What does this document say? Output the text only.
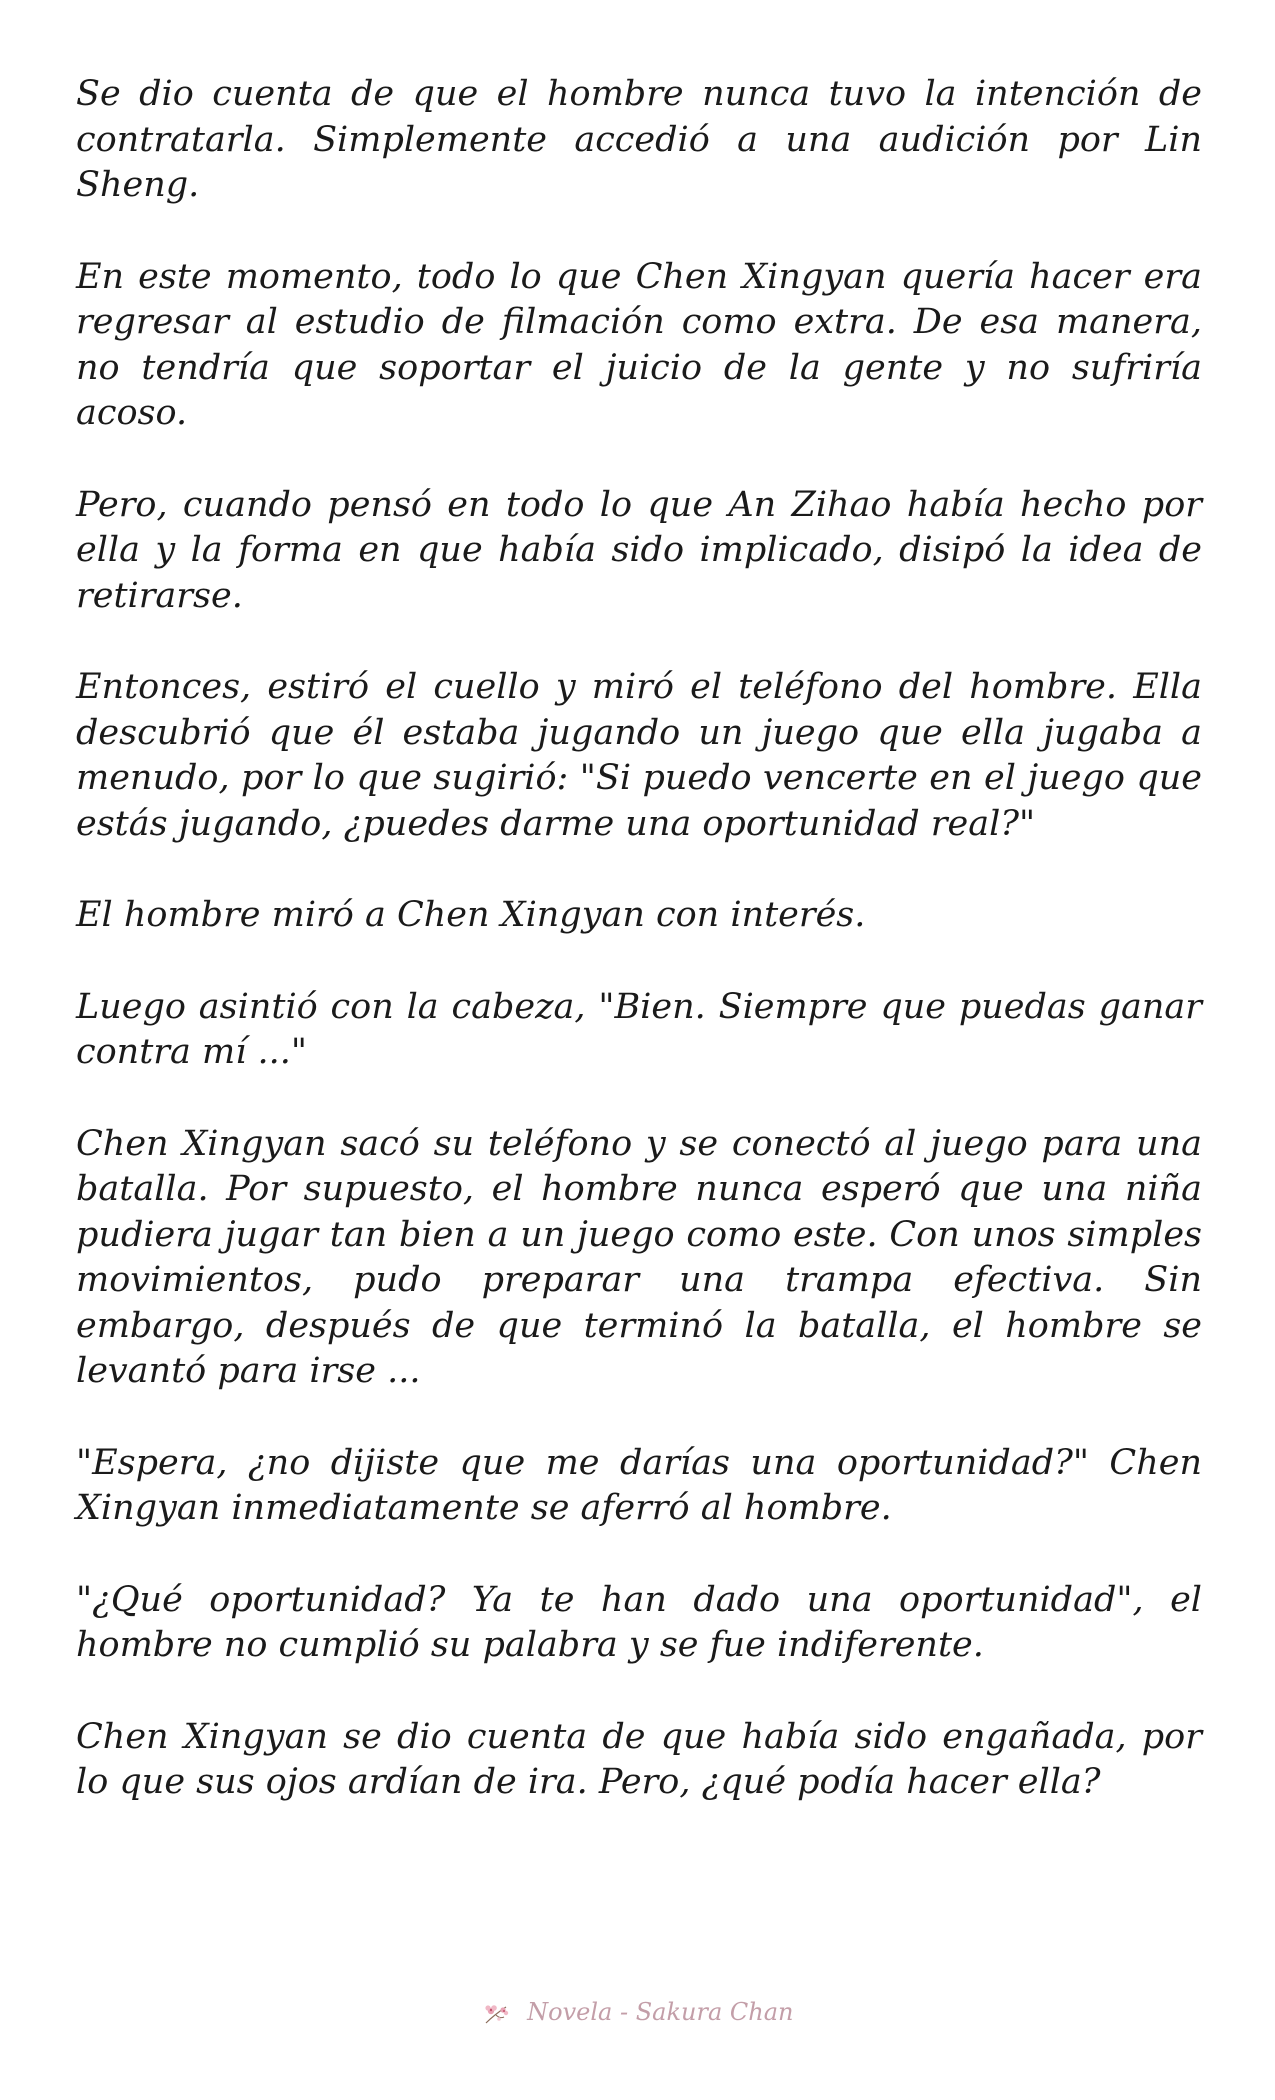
Se dio cuenta de que el hombre nunca tuvo la intención de contratarla. Simplemente accedió a una audición por Lin Sheng.

En este momento, todo lo que Chen Xingyan quería hacer era regresar al estudio de filmación como extra. De esa manera, no tendría que soportar el juicio de la gente y no sufriría acoso.

Pero, cuando pensó en todo lo que An Zihao había hecho por ella y la forma en que había sido implicado, disipó la idea de retirarse.

Entonces, estiró el cuello y miró el teléfono del hombre. Ella descubrió que él estaba jugando un juego que ella jugaba a menudo, por lo que sugirió: "Si puedo vencerte en el juego que estás jugando, ¿puedes darme una oportunidad real?"

El hombre miró a Chen Xingyan con interés.

Luego asintió con la cabeza, "Bien. Siempre que puedas ganar contra mí ..."

Chen Xingyan sacó su teléfono y se conectó al juego para una batalla. Por supuesto, el hombre nunca esperó que una niña pudiera jugar tan bien a un juego como este. Con unos simples movimientos, pudo preparar una trampa efectiva. Sin embargo, después de que terminó la batalla, el hombre se levantó para irse ...

"Espera, ¿no dijiste que me darías una oportunidad?" Chen Xingyan inmediatamente se aferró al hombre.

"¿Qué oportunidad? Ya te han dado una oportunidad", el hombre no cumplió su palabra y se fue indiferente.

Chen Xingyan se dio cuenta de que había sido engañada, por lo que sus ojos ardían de ira. Pero, ¿qué podía hacer ella?

Novela - Sakura Chan
